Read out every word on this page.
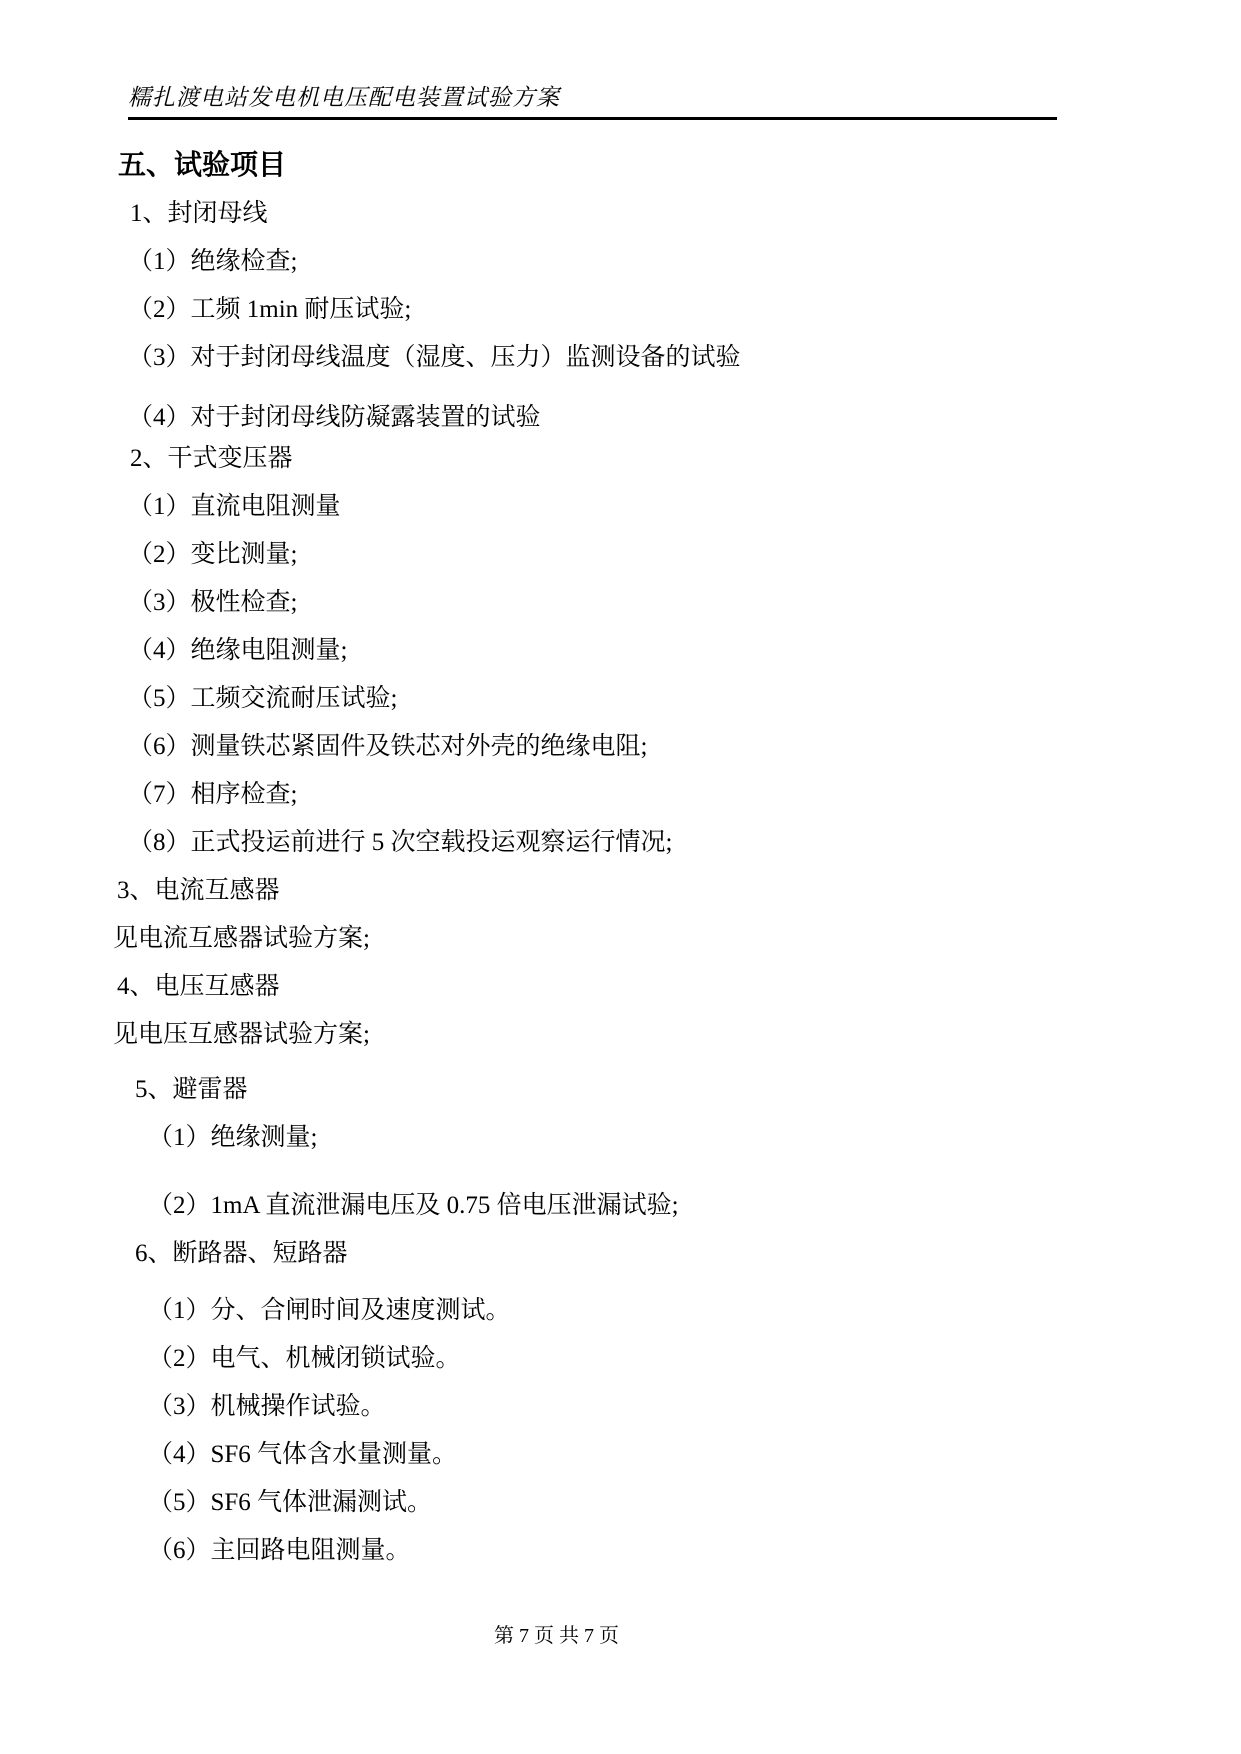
糯扎渡电站发电机电压配电装置试验方案
五、试验项目
1、封闭母线
（1）绝缘检查;
（2）工频 1min 耐压试验;
（3）对于封闭母线温度（湿度、压力）监测设备的试验
（4）对于封闭母线防凝露装置的试验
2、干式变压器
（1）直流电阻测量
（2）变比测量;
（3）极性检查;
（4）绝缘电阻测量;
（5）工频交流耐压试验;
（6）测量铁芯紧固件及铁芯对外壳的绝缘电阻;
（7）相序检查;
（8）正式投运前进行 5 次空载投运观察运行情况;
3、电流互感器
见电流互感器试验方案;
4、电压互感器
见电压互感器试验方案;
5、避雷器
（1）绝缘测量;
（2）1mA 直流泄漏电压及 0.75 倍电压泄漏试验;
6、断路器、短路器
（1）分、合闸时间及速度测试。
（2）电气、机械闭锁试验。
（3）机械操作试验。
（4）SF6 气体含水量测量。
（5）SF6 气体泄漏测试。
（6）主回路电阻测量。
第 7 页 共 7 页
